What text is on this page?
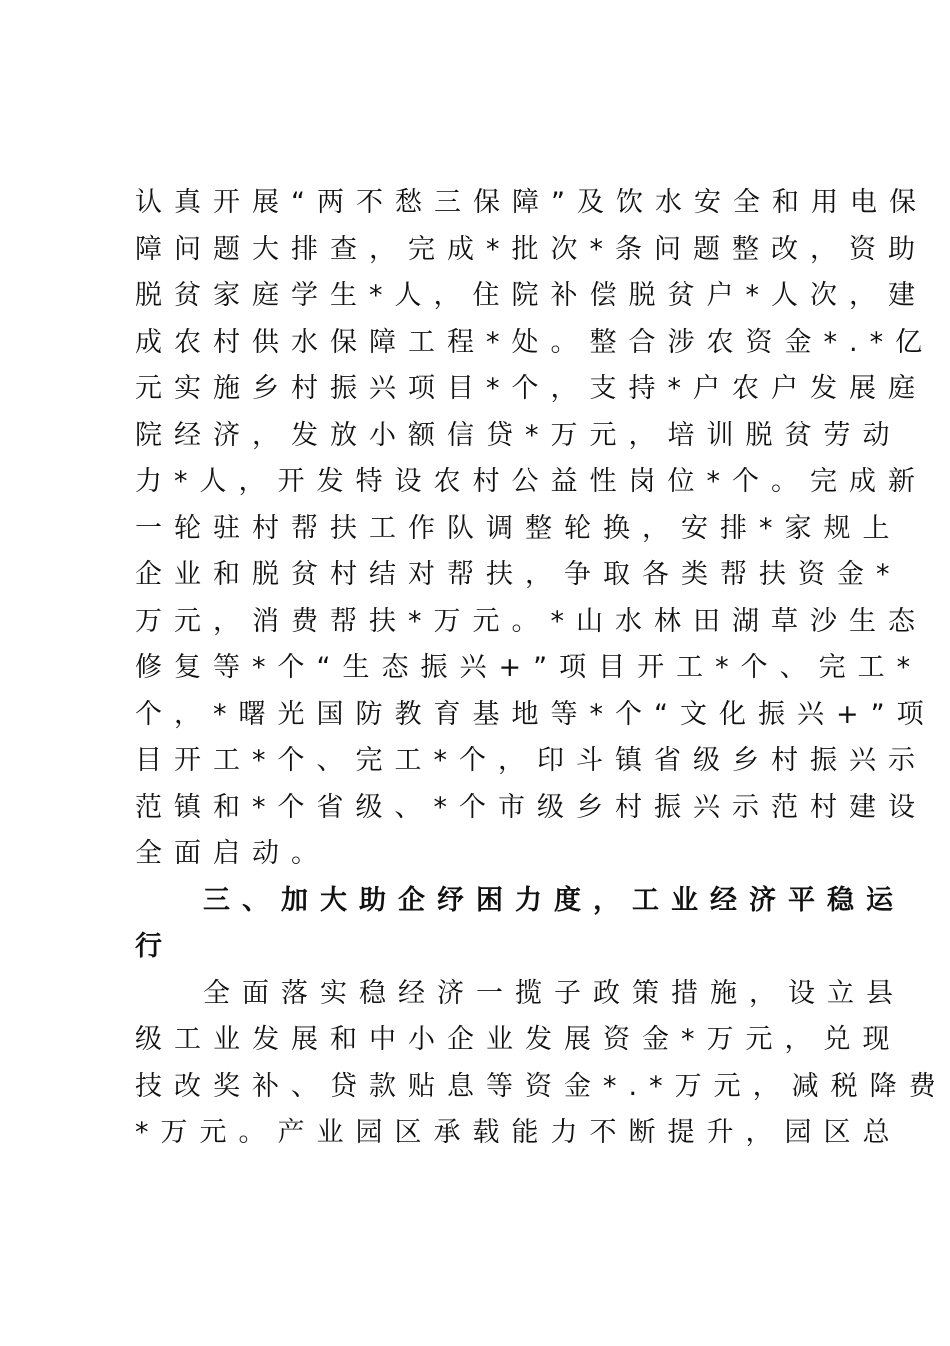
认真开展“两不愁三保障”及饮水安全和用电保
障问题大排查，完成*批次*条问题整改，资助
脱贫家庭学生*人，住院补偿脱贫户*人次，建
成农村供水保障工程*处。整合涉农资金*.*亿
元实施乡村振兴项目*个，支持*户农户发展庭
院经济，发放小额信贷*万元，培训脱贫劳动
力*人，开发特设农村公益性岗位*个。完成新
一轮驻村帮扶工作队调整轮换，安排*家规上
企业和脱贫村结对帮扶，争取各类帮扶资金*
万元，消费帮扶*万元。*山水林田湖草沙生态
修复等*个“生态振兴+”项目开工*个、完工*
个，*曙光国防教育基地等*个“文化振兴+”项
目开工*个、完工*个，印斗镇省级乡村振兴示
范镇和*个省级、*个市级乡村振兴示范村建设
全面启动。
三、加大助企纾困力度，工业经济平稳运
行
全面落实稳经济一揽子政策措施，设立县
级工业发展和中小企业发展资金*万元，兑现
技改奖补、贷款贴息等资金*.*万元，减税降费
*万元。产业园区承载能力不断提升，园区总
